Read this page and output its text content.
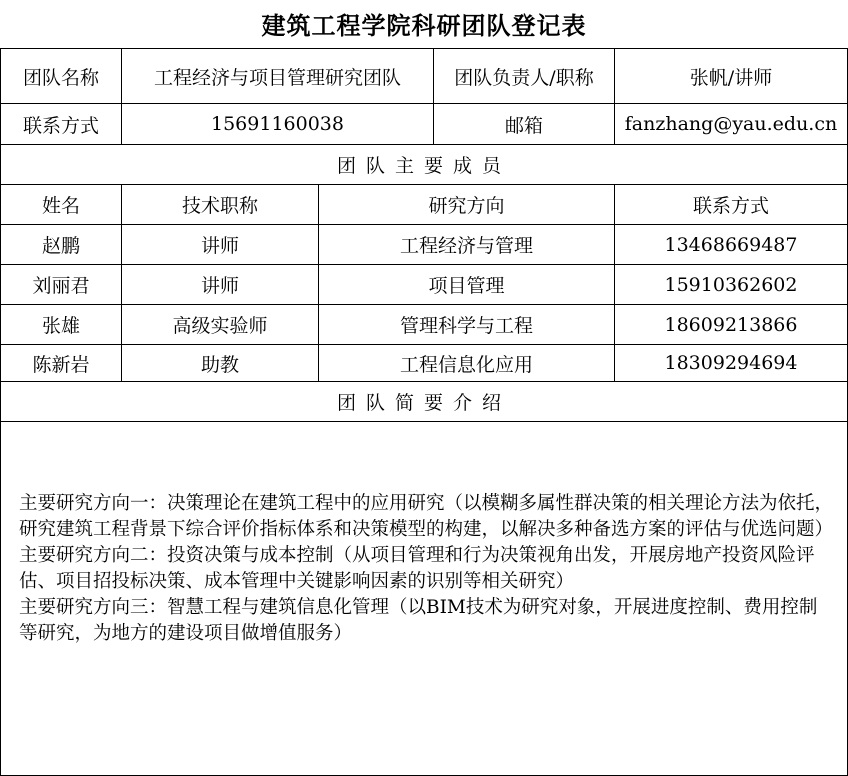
建筑工程学院科研团队登记表
团队名称	工程经济与项目管理研究团队	团队负责人/职称	张帆/讲师
联系方式	15691160038	邮箱	fanzhang@yau.edu.cn
团队主要成员
姓名	技术职称	研究方向	联系方式
赵鹏	讲师	工程经济与管理	13468669487
刘丽君	讲师	项目管理	15910362602
张雄	高级实验师	管理科学与工程	18609213866
陈新岩	助教	工程信息化应用	18309294694
团队简要介绍

主要研究方向一：决策理论在建筑工程中的应用研究（以模糊多属性群决策的相关理论方法为依托，研究建筑工程背景下综合评价指标体系和决策模型的构建，以解决多种备选方案的评估与优选问题）

主要研究方向二：投资决策与成本控制（从项目管理和行为决策视角出发，开展房地产投资风险评估、项目招投标决策、成本管理中关键影响因素的识别等相关研究）

主要研究方向三：智慧工程与建筑信息化管理（以BIM技术为研究对象，开展进度控制、费用控制等研究，为地方的建设项目做增值服务）
